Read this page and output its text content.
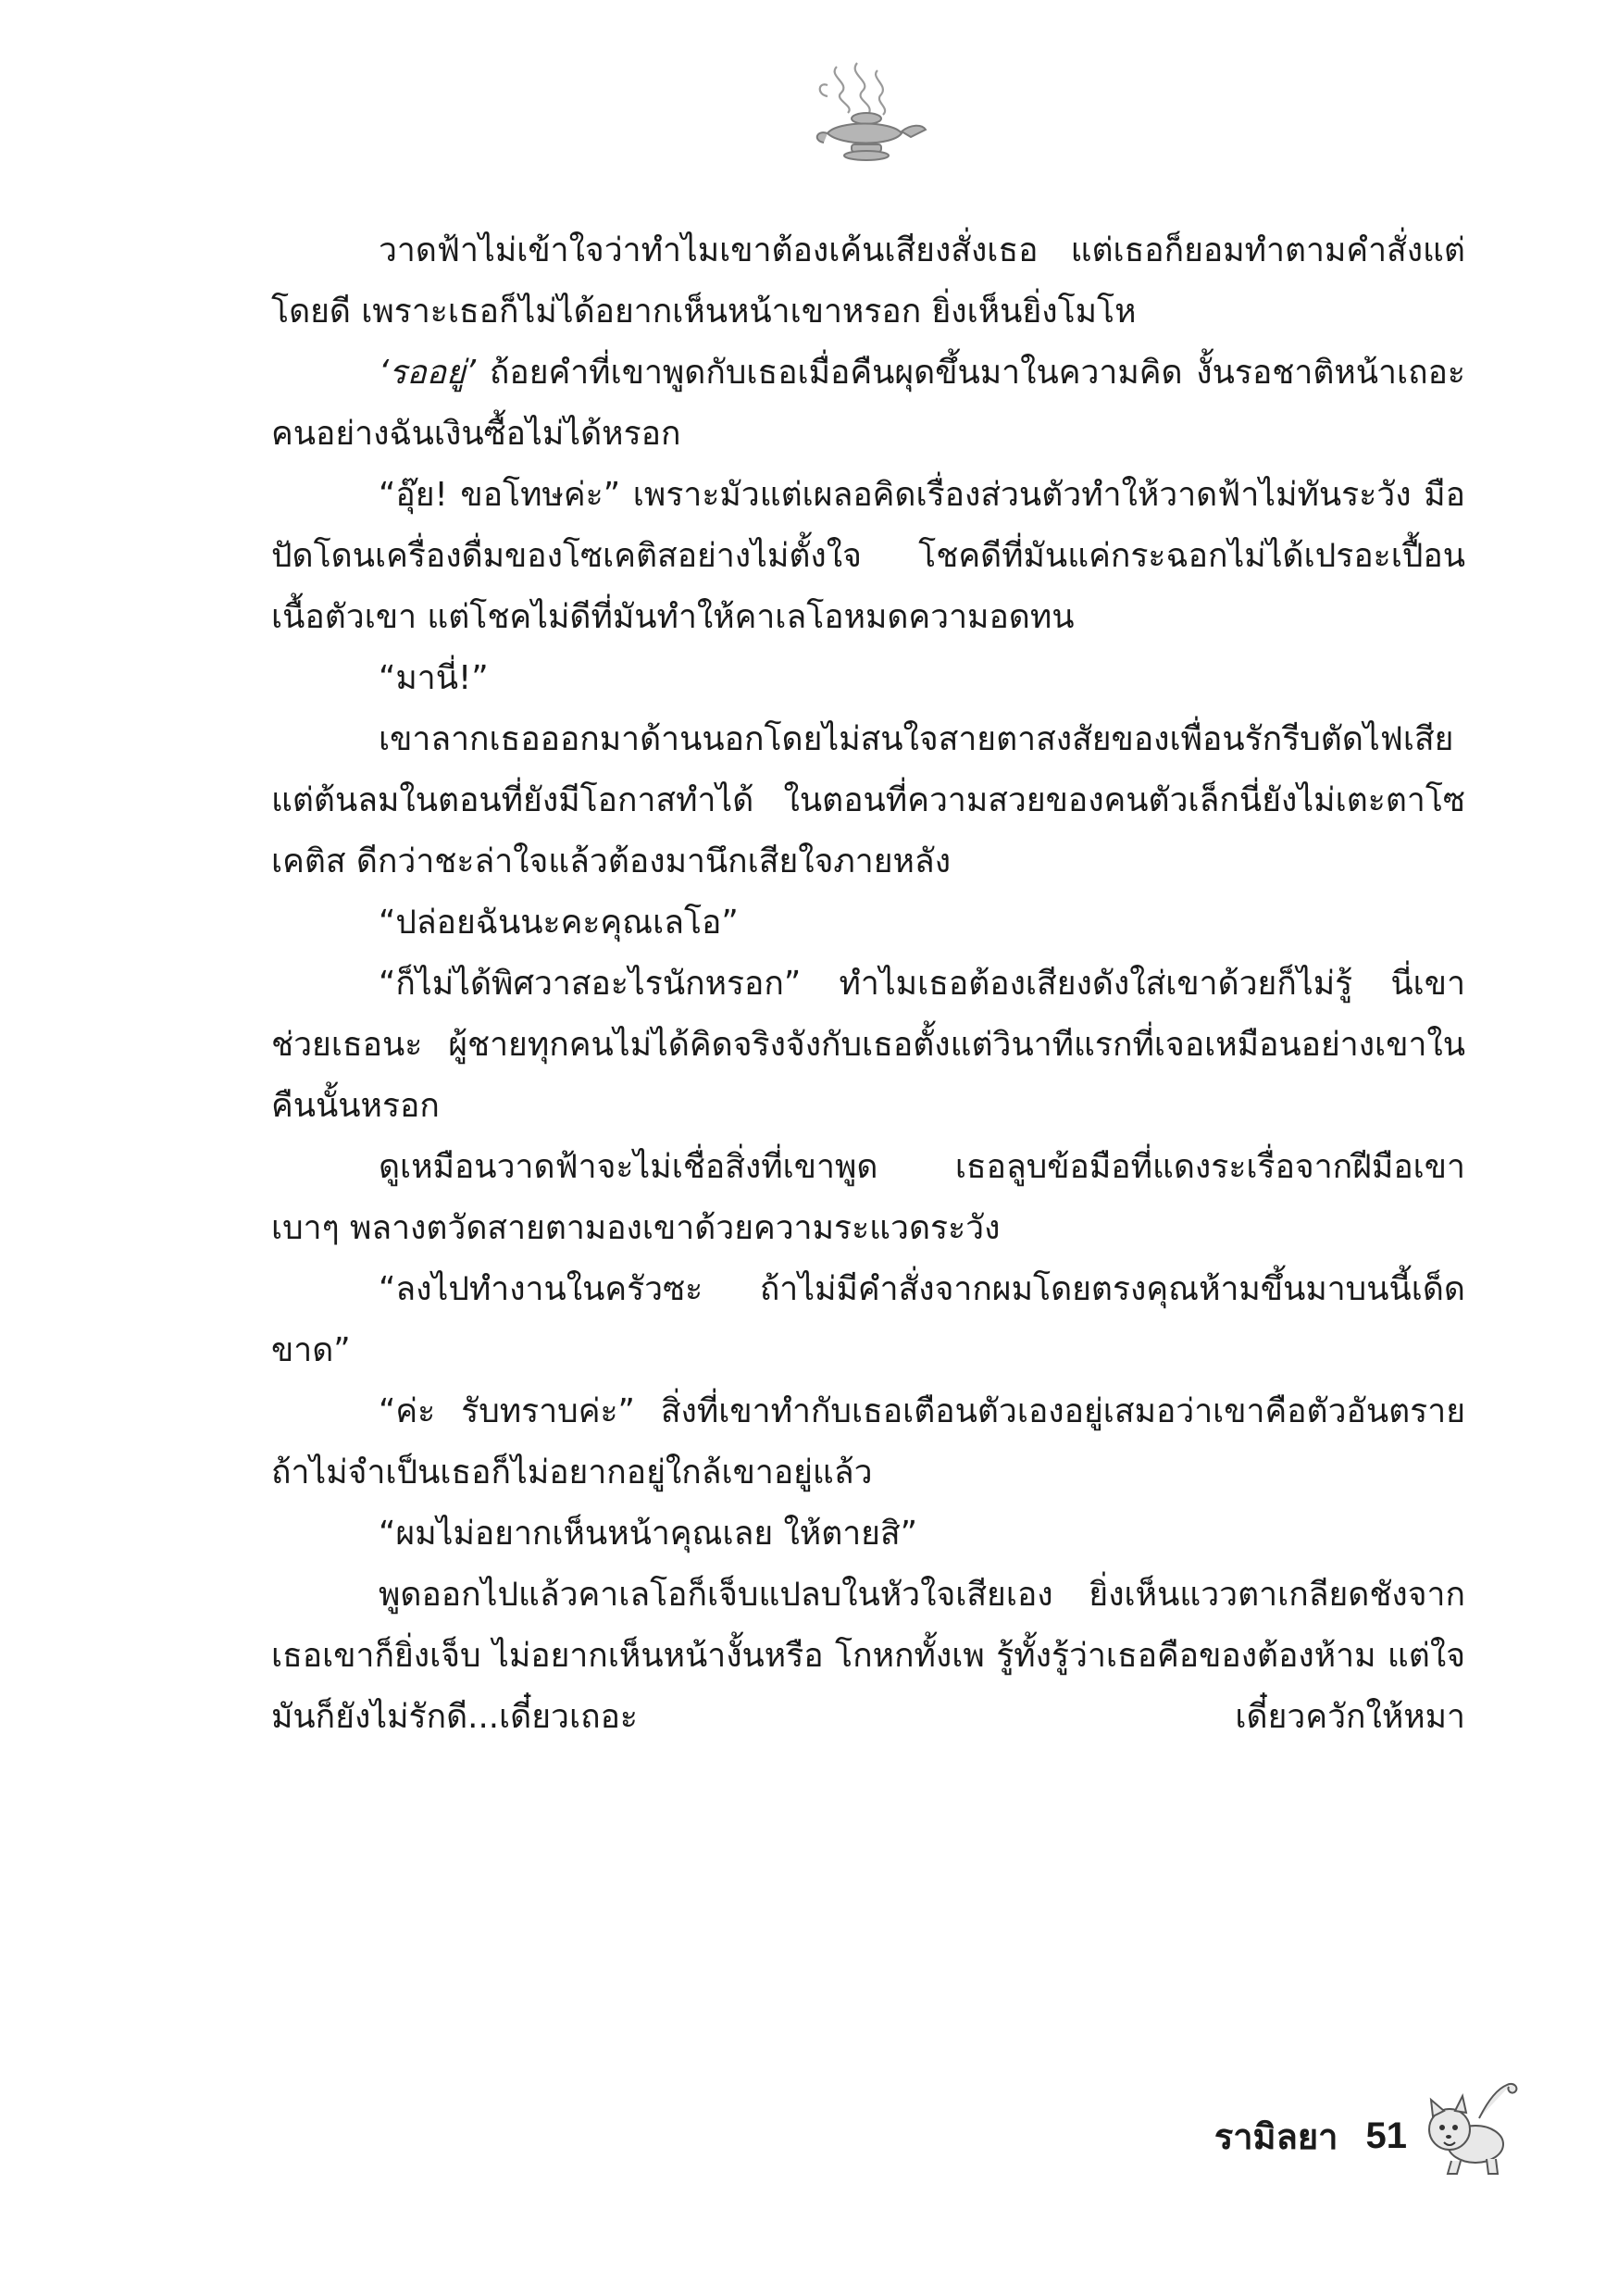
วาดฟ้าไม่เข้าใจว่าทำไมเขาต้องเค้นเสียงสั่งเธอ แต่เธอก็ยอมทำตามคำสั่งแต่โดยดี เพราะเธอก็ไม่ได้อยากเห็นหน้าเขาหรอก ยิ่งเห็นยิ่งโมโห

‘รออยู่’ ถ้อยคำที่เขาพูดกับเธอเมื่อคืนผุดขึ้นมาในความคิด งั้นรอชาติหน้าเถอะ คนอย่างฉันเงินซื้อไม่ได้หรอก

“อุ๊ย! ขอโทษค่ะ” เพราะมัวแต่เผลอคิดเรื่องส่วนตัวทำให้วาดฟ้าไม่ทันระวัง มือปัดโดนเครื่องดื่มของโซเคติสอย่างไม่ตั้งใจ โชคดีที่มันแค่กระฉอกไม่ได้เปรอะเปื้อนเนื้อตัวเขา แต่โชคไม่ดีที่มันทำให้คาเลโอหมดความอดทน

“มานี่!”

เขาลากเธอออกมาด้านนอกโดยไม่สนใจสายตาสงสัยของเพื่อนรักรีบตัดไฟเสียแต่ต้นลมในตอนที่ยังมีโอกาสทำได้ ในตอนที่ความสวยของคนตัวเล็กนี่ยังไม่เตะตาโซเคติส ดีกว่าชะล่าใจแล้วต้องมานึกเสียใจภายหลัง

“ปล่อยฉันนะคะคุณเลโอ”

“ก็ไม่ได้พิศวาสอะไรนักหรอก” ทำไมเธอต้องเสียงดังใส่เขาด้วยก็ไม่รู้ นี่เขาช่วยเธอนะ ผู้ชายทุกคนไม่ได้คิดจริงจังกับเธอตั้งแต่วินาทีแรกที่เจอเหมือนอย่างเขาในคืนนั้นหรอก

ดูเหมือนวาดฟ้าจะไม่เชื่อสิ่งที่เขาพูด เธอลูบข้อมือที่แดงระเรื่อจากฝีมือเขาเบาๆ พลางตวัดสายตามองเขาด้วยความระแวดระวัง

“ลงไปทำงานในครัวซะ ถ้าไม่มีคำสั่งจากผมโดยตรงคุณห้ามขึ้นมาบนนี้เด็ดขาด”

“ค่ะ รับทราบค่ะ” สิ่งที่เขาทำกับเธอเตือนตัวเองอยู่เสมอว่าเขาคือตัวอันตราย ถ้าไม่จำเป็นเธอก็ไม่อยากอยู่ใกล้เขาอยู่แล้ว

“ผมไม่อยากเห็นหน้าคุณเลย ให้ตายสิ”

พูดออกไปแล้วคาเลโอก็เจ็บแปลบในหัวใจเสียเอง ยิ่งเห็นแววตาเกลียดชังจากเธอเขาก็ยิ่งเจ็บ ไม่อยากเห็นหน้างั้นหรือ โกหกทั้งเพ รู้ทั้งรู้ว่าเธอคือของต้องห้าม แต่ใจมันก็ยังไม่รักดี...เดี๋ยวเถอะ เดี๋ยวควักให้หมา

รามิลยา 51
